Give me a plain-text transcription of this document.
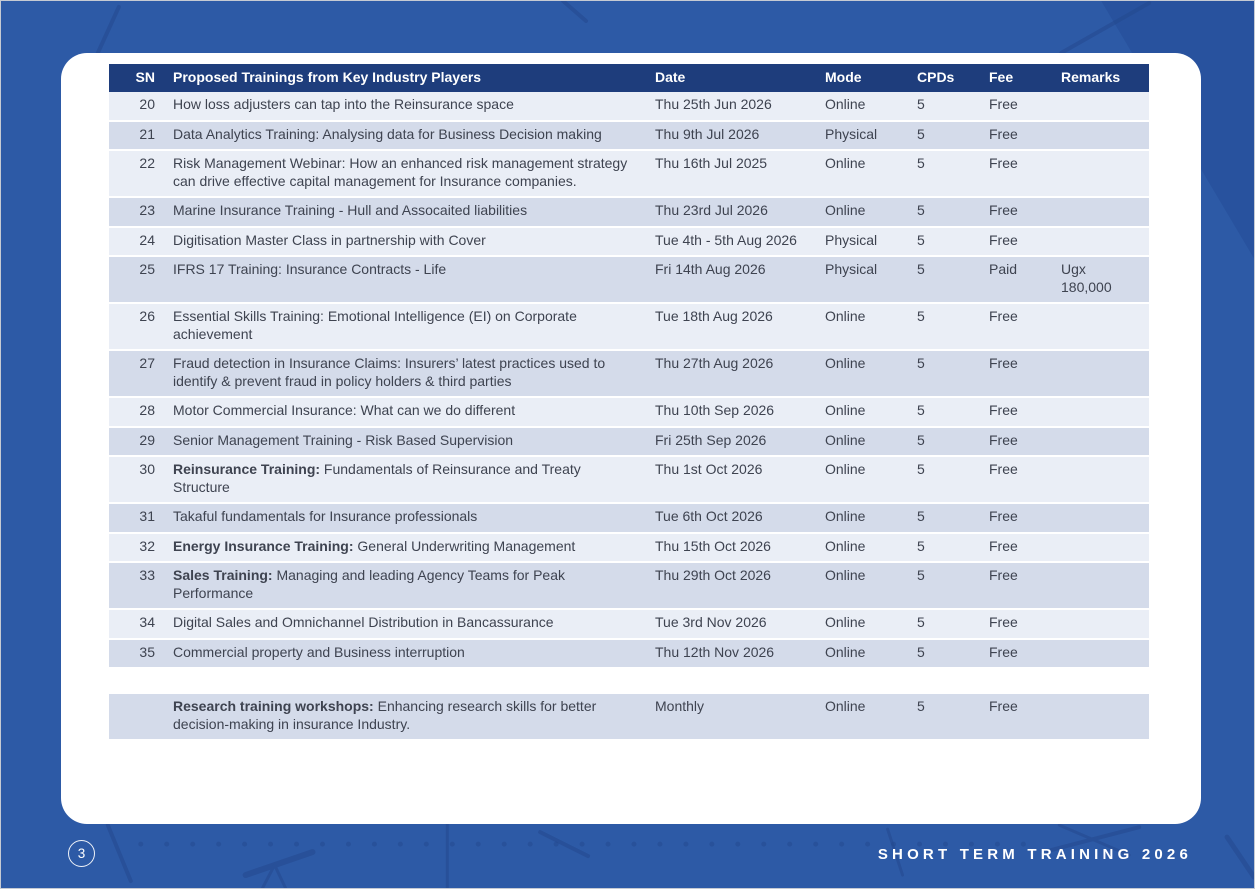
SN	Proposed Trainings from Key Industry Players	Date	Mode	CPDs	Fee	Remarks
20	How loss adjusters can tap into the Reinsurance space	Thu 25th Jun 2026	Online	5	Free	
21	Data Analytics Training: Analysing data for Business Decision making	Thu 9th Jul 2026	Physical	5	Free	
22	Risk Management Webinar: How an enhanced risk management strategy can drive effective capital management for Insurance companies.	Thu 16th Jul 2025	Online	5	Free	
23	Marine Insurance Training - Hull and Assocaited liabilities	Thu 23rd Jul 2026	Online	5	Free	
24	Digitisation Master Class in partnership with Cover	Tue 4th - 5th Aug 2026	Physical	5	Free	
25	IFRS 17 Training: Insurance Contracts - Life	Fri 14th Aug 2026	Physical	5	Paid	Ugx 180,000
26	Essential Skills Training: Emotional Intelligence (EI) on Corporate achievement	Tue 18th Aug 2026	Online	5	Free	
27	Fraud detection in Insurance Claims: Insurers’ latest practices used to identify & prevent fraud in policy holders & third parties	Thu 27th Aug 2026	Online	5	Free	
28	Motor Commercial Insurance: What can we do different	Thu 10th Sep 2026	Online	5	Free	
29	Senior Management Training - Risk Based Supervision	Fri 25th Sep 2026	Online	5	Free	
30	Reinsurance Training: Fundamentals of Reinsurance and Treaty Structure	Thu 1st Oct 2026	Online	5	Free	
31	Takaful fundamentals for Insurance professionals	Tue 6th Oct 2026	Online	5	Free	
32	Energy Insurance Training: General Underwriting Management	Thu 15th Oct 2026	Online	5	Free	
33	Sales Training: Managing and leading Agency Teams for Peak Performance	Thu 29th Oct 2026	Online	5	Free	
34	Digital Sales and Omnichannel Distribution in Bancassurance	Tue 3rd Nov 2026	Online	5	Free	
35	Commercial property and Business interruption	Thu 12th Nov 2026	Online	5	Free	

	Research training workshops: Enhancing research skills for better decision-making in insurance Industry.	Monthly	Online	5	Free	
3	SHORT TERM TRAINING 2026
